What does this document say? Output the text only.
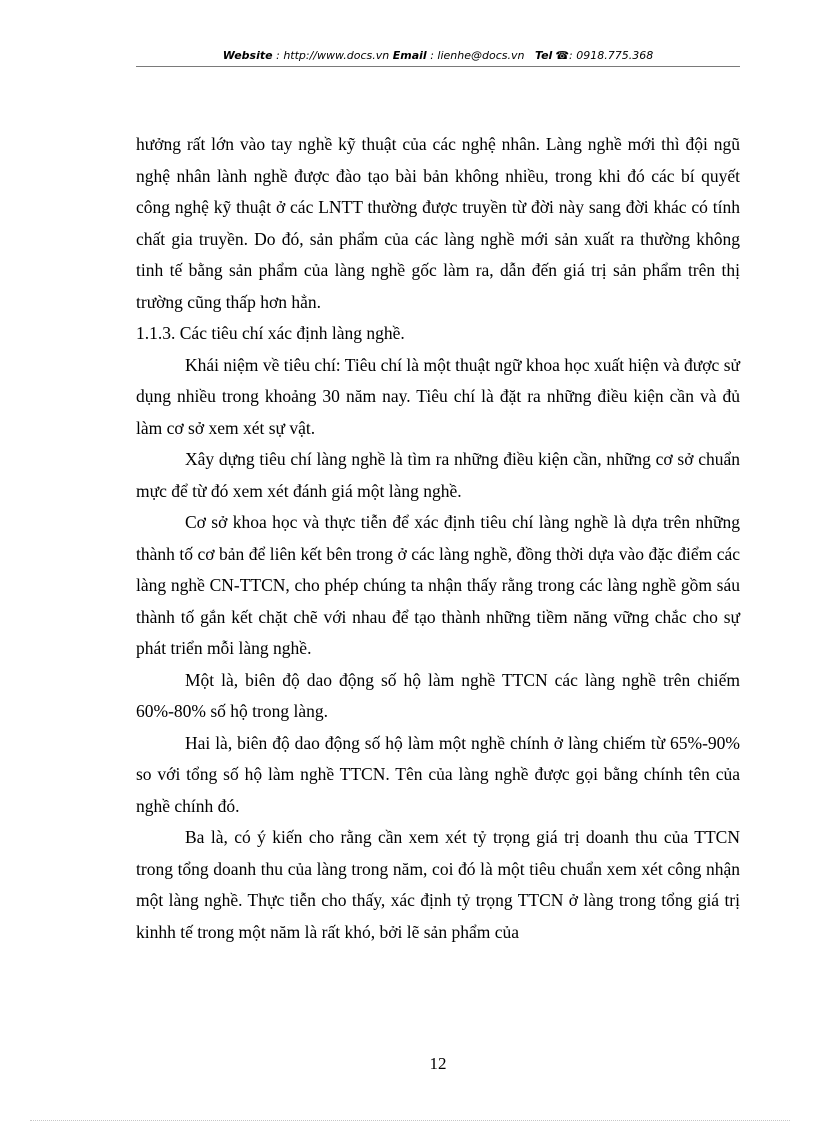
Website : http://www.docs.vn Email : lienhe@docs.vn Tel ☎: 0918.775.368

hưởng rất lớn vào tay nghề kỹ thuật của các nghệ nhân. Làng nghề mới thì đội ngũ nghệ nhân lành nghề được đào tạo bài bản không nhiều, trong khi đó các bí quyết công nghệ kỹ thuật ở các LNTT thường được truyền từ đời này sang đời khác có tính chất gia truyền. Do đó, sản phẩm của các làng nghề mới sản xuất ra thường không tinh tế bằng sản phẩm của làng nghề gốc làm ra, dẫn đến giá trị sản phẩm trên thị trường cũng thấp hơn hẳn.

1.1.3. Các tiêu chí xác định làng nghề.

Khái niệm về tiêu chí: Tiêu chí là một thuật ngữ khoa học xuất hiện và được sử dụng nhiều trong khoảng 30 năm nay. Tiêu chí là đặt ra những điều kiện cần và đủ làm cơ sở xem xét sự vật.

Xây dựng tiêu chí làng nghề là tìm ra những điều kiện cần, những cơ sở chuẩn mực để từ đó xem xét đánh giá một làng nghề.

Cơ sở khoa học và thực tiễn để xác định tiêu chí làng nghề là dựa trên những thành tố cơ bản để liên kết bên trong ở các làng nghề, đồng thời dựa vào đặc điểm các làng nghề CN-TTCN, cho phép chúng ta nhận thấy rằng trong các làng nghề gồm sáu thành tố gắn kết chặt chẽ với nhau để tạo thành những tiềm năng vững chắc cho sự phát triển mỗi làng nghề.

Một là, biên độ dao động số hộ làm nghề TTCN các làng nghề trên chiếm 60%-80% số hộ trong làng.

Hai là, biên độ dao động số hộ làm một nghề chính ở làng chiếm từ 65%-90% so với tổng số hộ làm nghề TTCN. Tên của làng nghề được gọi bằng chính tên của nghề chính đó.

Ba là, có ý kiến cho rằng cần xem xét tỷ trọng giá trị doanh thu của TTCN trong tổng doanh thu của làng trong năm, coi đó là một tiêu chuẩn xem xét công nhận một làng nghề. Thực tiễn cho thấy, xác định tỷ trọng TTCN ở làng trong tổng giá trị kinhh tế trong một năm là rất khó, bởi lẽ sản phẩm của

12
